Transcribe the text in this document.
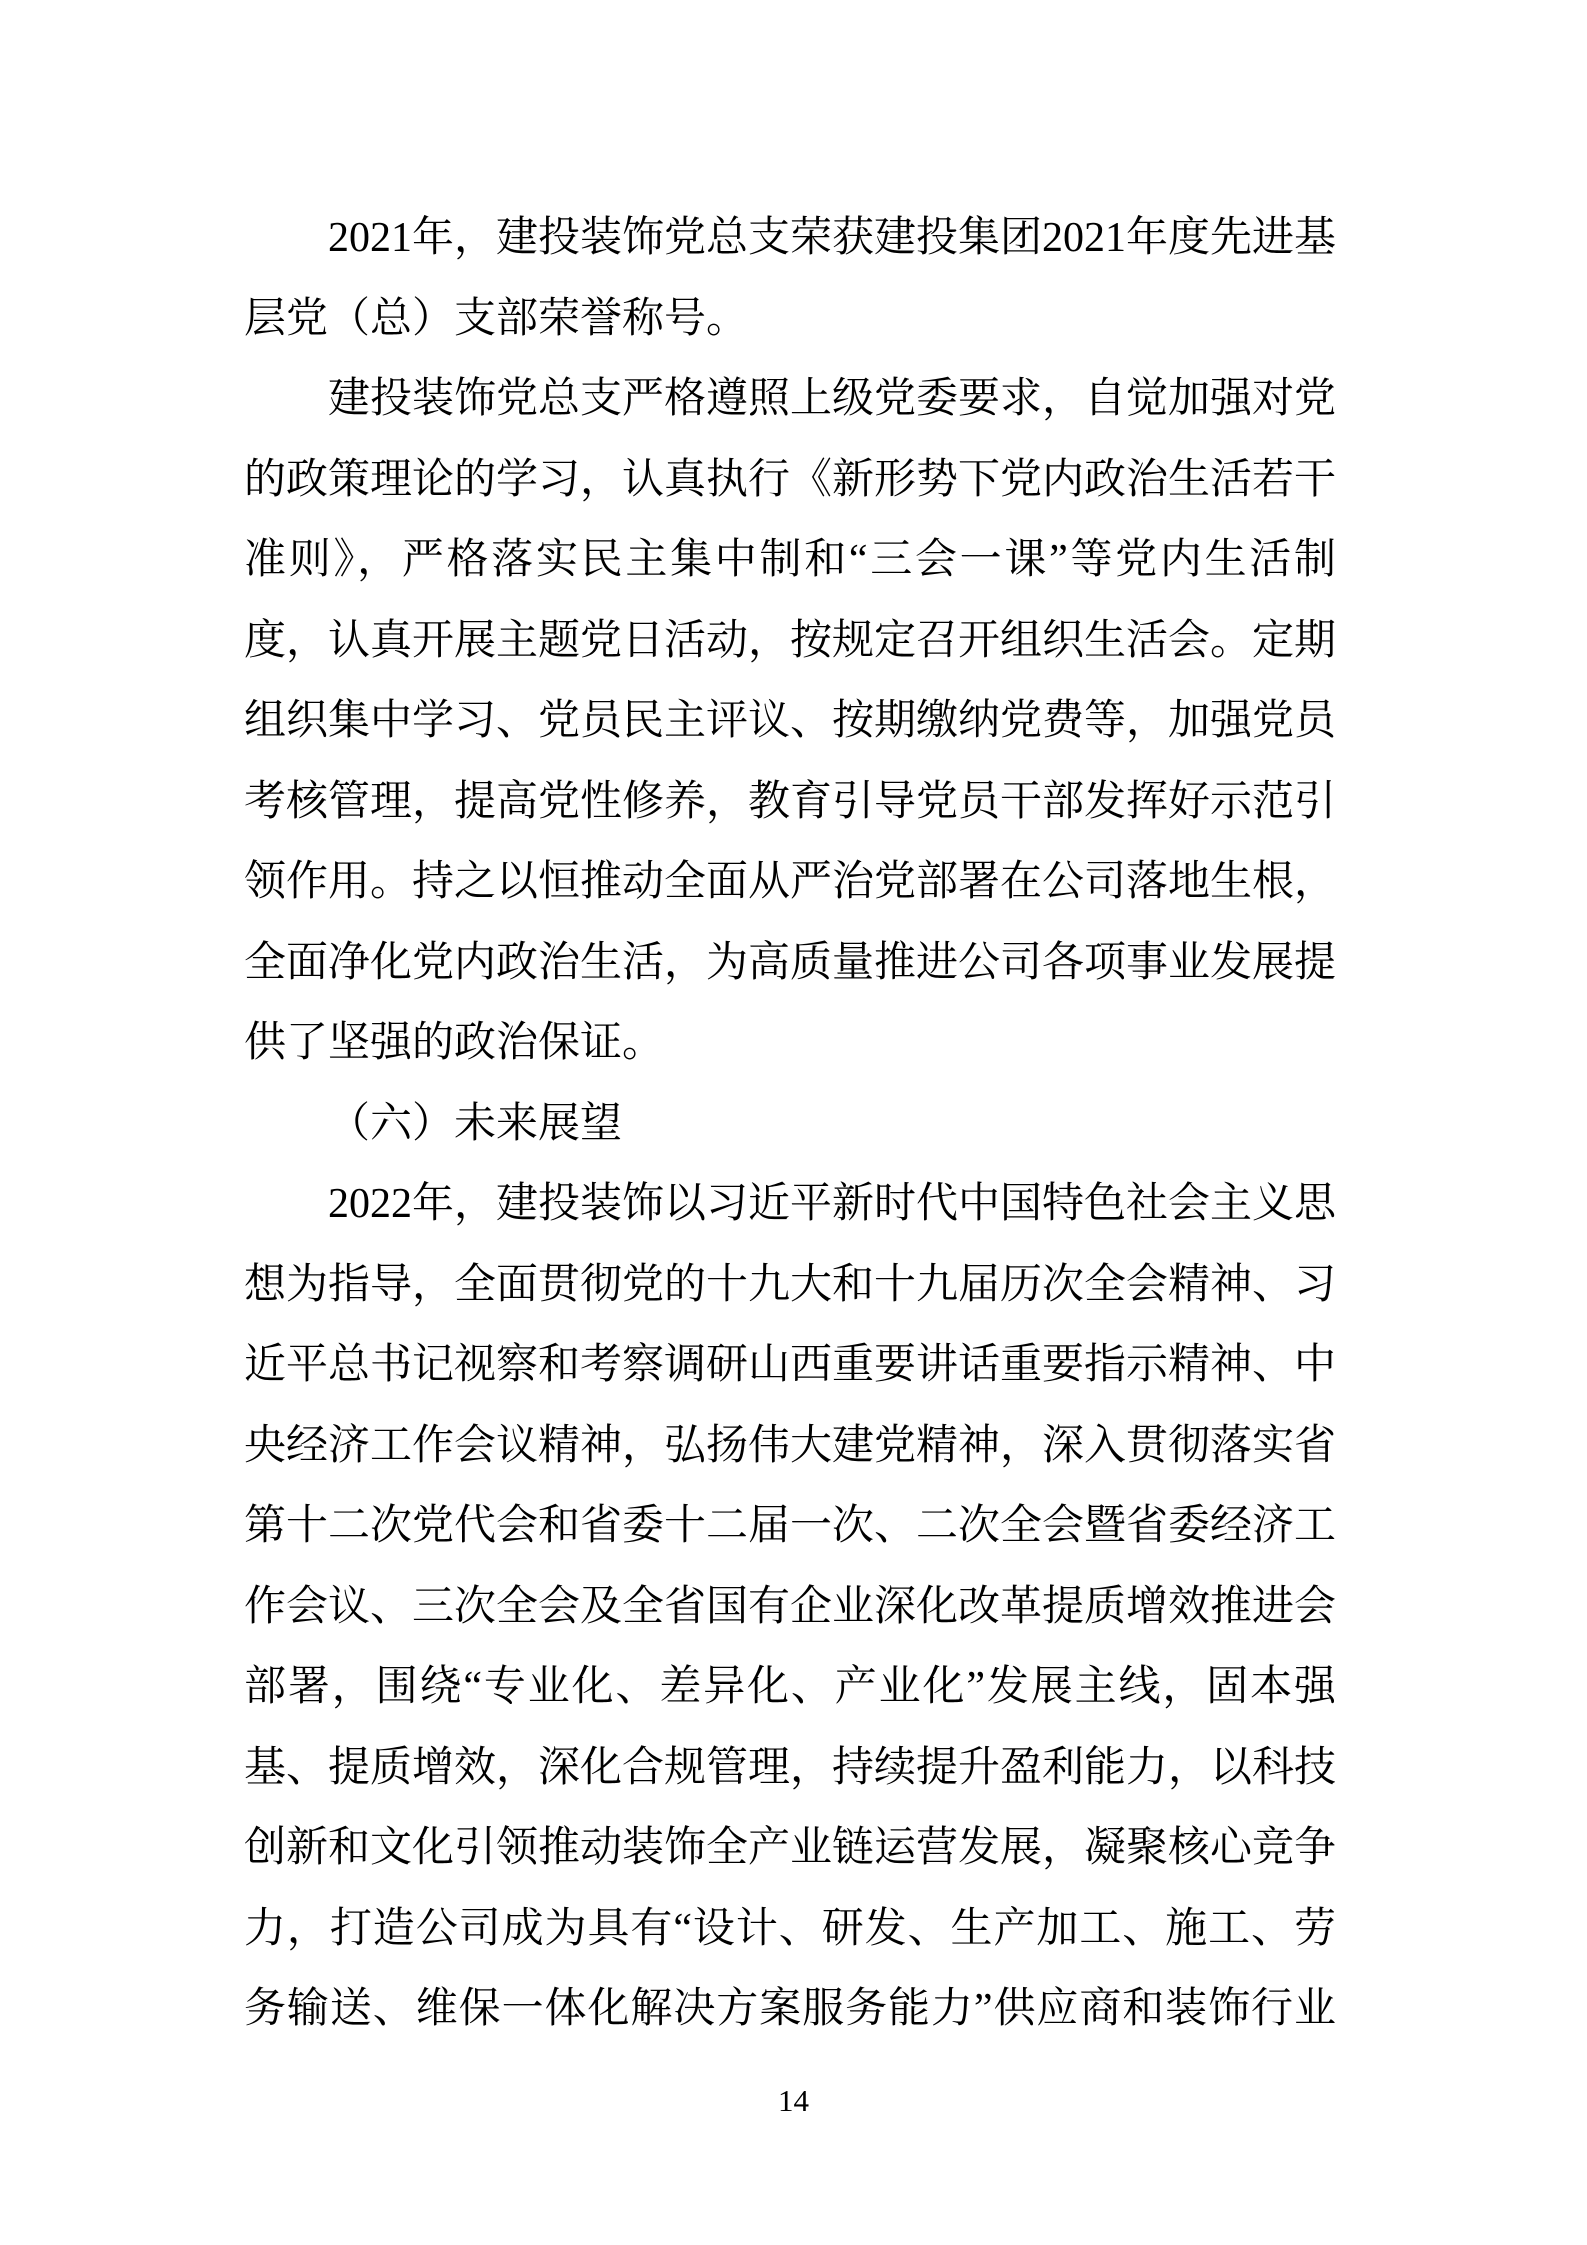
2021年，建投装饰党总支荣获建投集团2021年度先进基
层党（总）支部荣誉称号。
建投装饰党总支严格遵照上级党委要求，自觉加强对党
的政策理论的学习，认真执行《新形势下党内政治生活若干
准则》，严格落实民主集中制和“三会一课”等党内生活制
度，认真开展主题党日活动，按规定召开组织生活会。定期
组织集中学习、党员民主评议、按期缴纳党费等，加强党员
考核管理，提高党性修养，教育引导党员干部发挥好示范引
领作用。持之以恒推动全面从严治党部署在公司落地生根，
全面净化党内政治生活，为高质量推进公司各项事业发展提
供了坚强的政治保证。
（六）未来展望
2022年，建投装饰以习近平新时代中国特色社会主义思
想为指导，全面贯彻党的十九大和十九届历次全会精神、习
近平总书记视察和考察调研山西重要讲话重要指示精神、中
央经济工作会议精神，弘扬伟大建党精神，深入贯彻落实省
第十二次党代会和省委十二届一次、二次全会暨省委经济工
作会议、三次全会及全省国有企业深化改革提质增效推进会
部署，围绕“专业化、差异化、产业化”发展主线，固本强
基、提质增效，深化合规管理，持续提升盈利能力，以科技
创新和文化引领推动装饰全产业链运营发展，凝聚核心竞争
力，打造公司成为具有“设计、研发、生产加工、施工、劳
务输送、维保一体化解决方案服务能力”供应商和装饰行业
14
